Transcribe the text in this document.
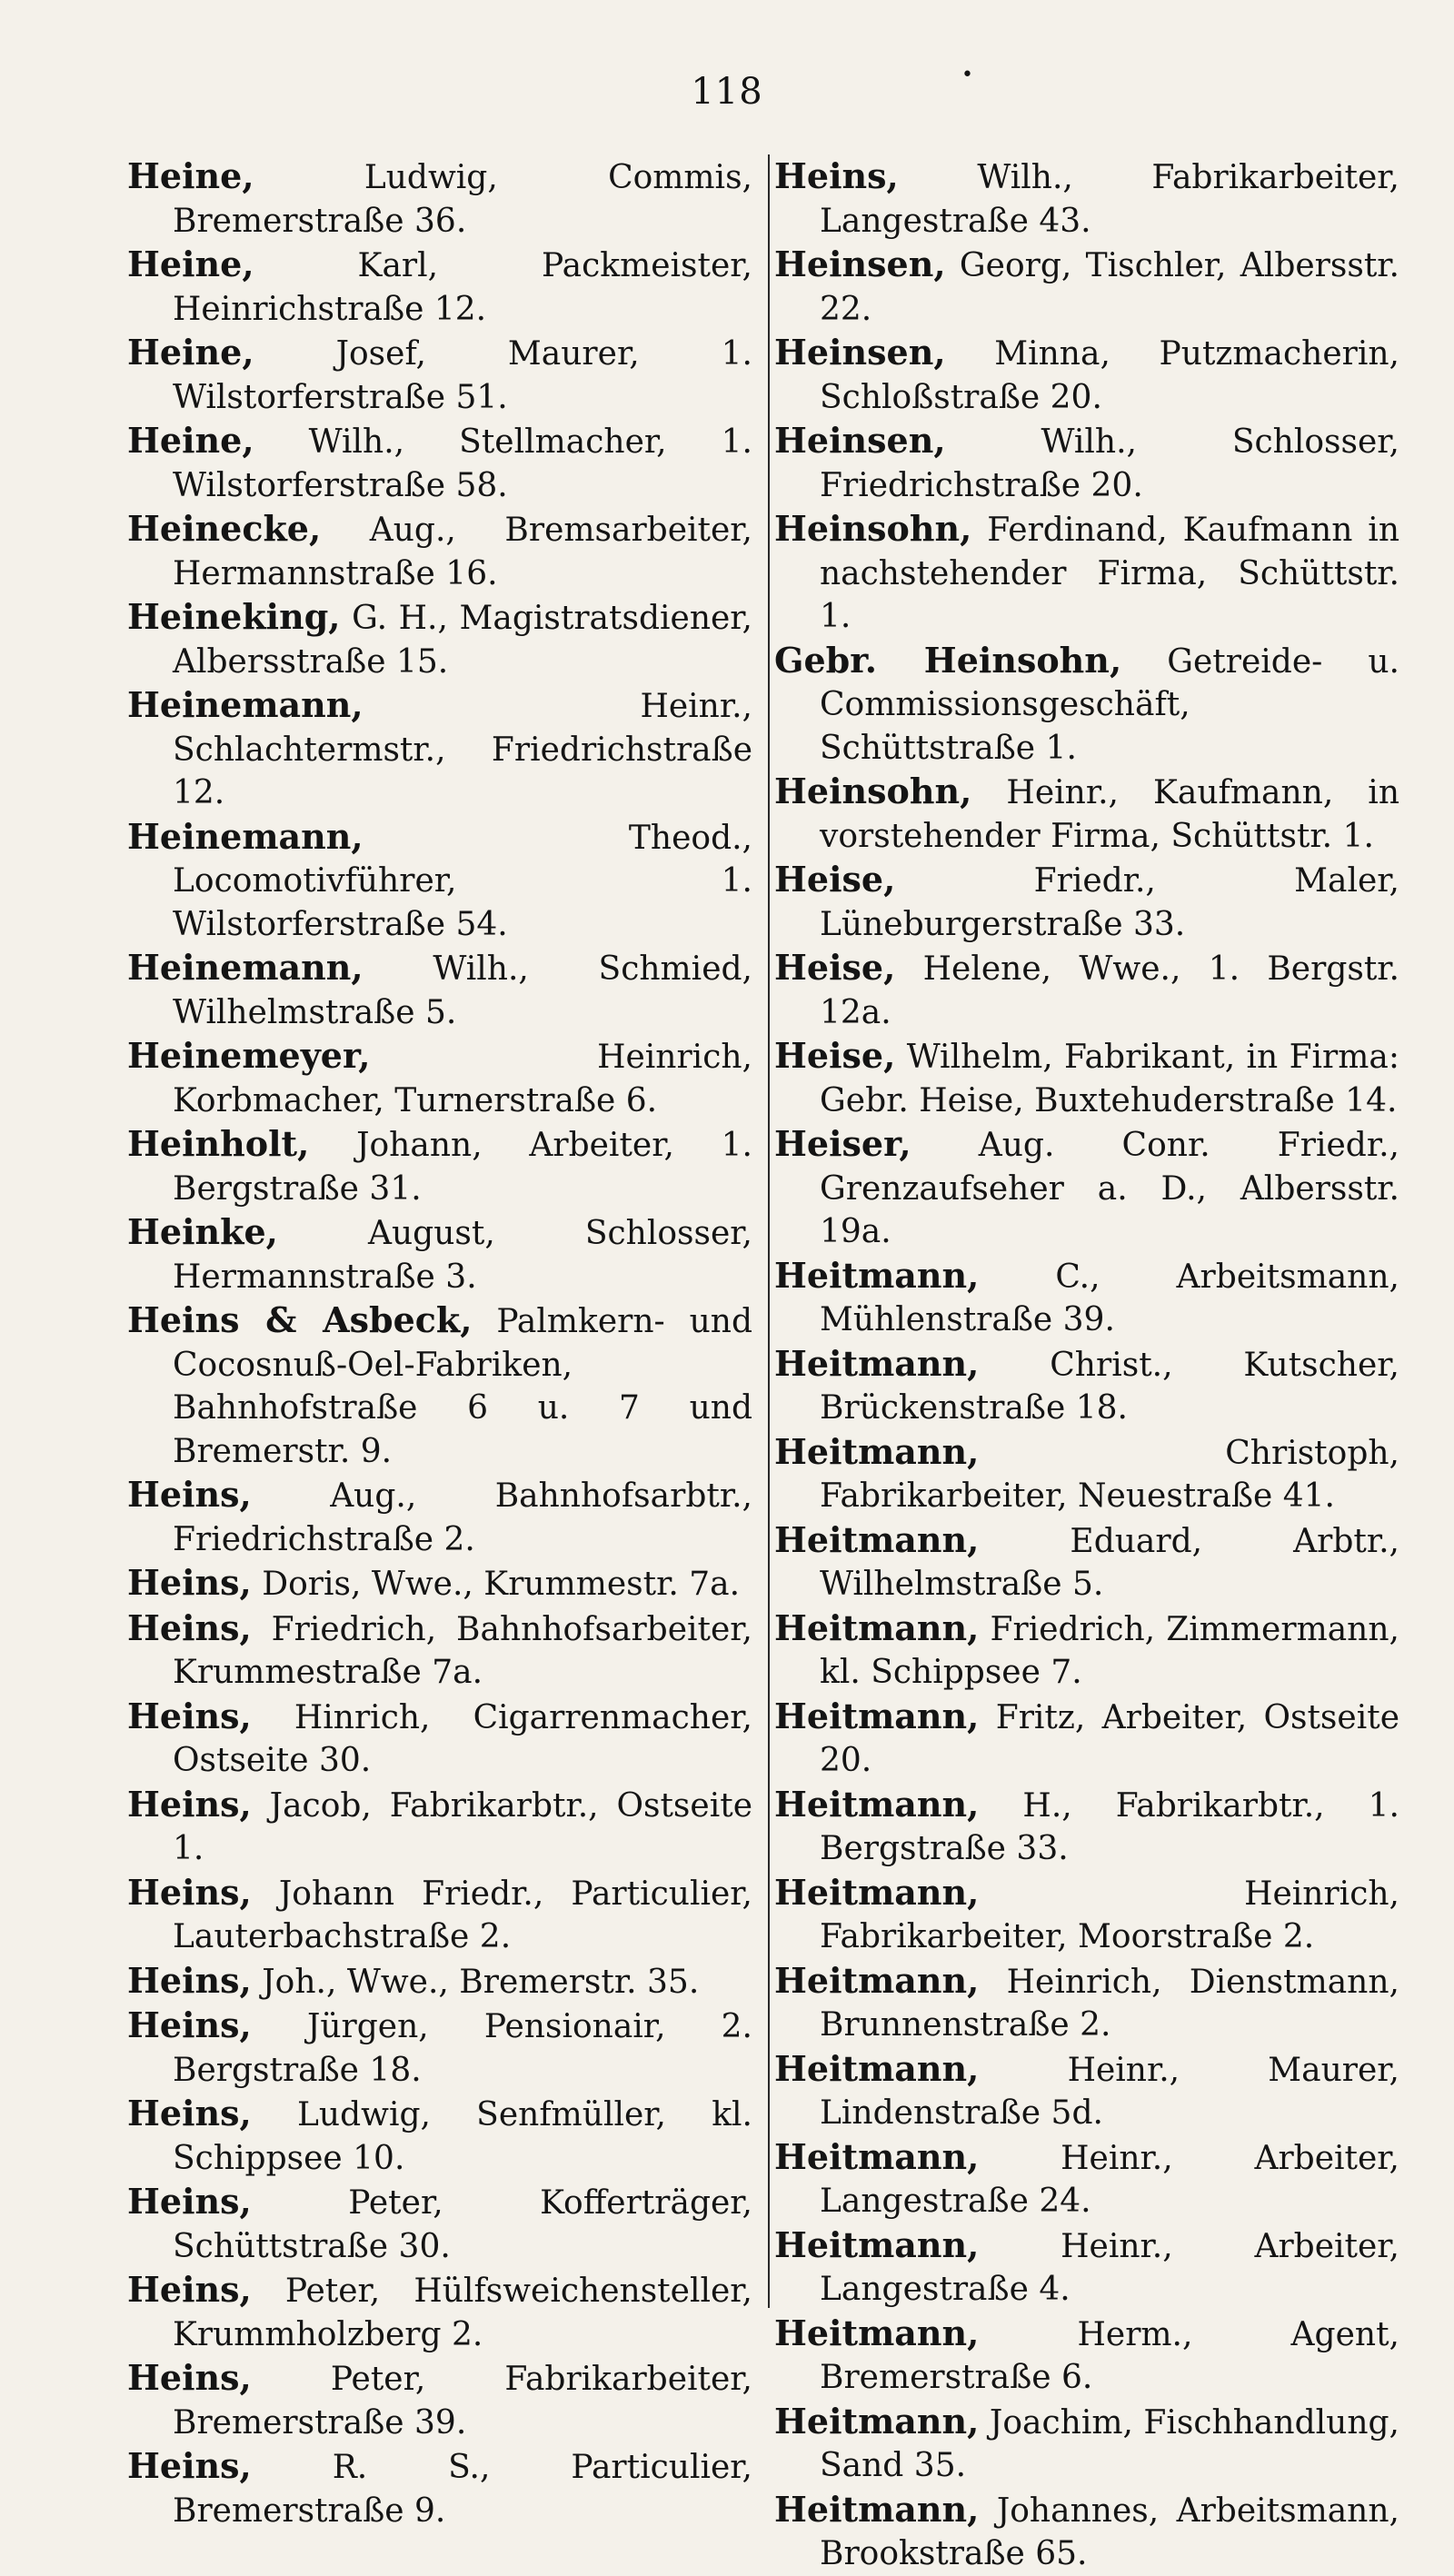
118	•
Heine,	Ludwig, Commis, Bremerstraße 36.
Heine,	Karl, Packmeister, Heinrichstraße 12.
Heine,	Josef, Maurer, 1. Wilstorferstraße 51.
Heine, Wilh., Stellmacher, 1. Wilstorferstraße 58.
Heinecke, Aug., Bremsarbeiter, Hermannstraße 16.
Heineking, G. H., Magistratsdiener, Albersstraße 15.
Heinemann,	Heinr., Schlachtermstr., Friedrichstraße 12.
Heinemann,	Theod., Locomotivführer, 1. Wilstorferstraße 54.
Heinemann, Wilh., Schmied, Wilhelmstraße 5.
Heinemeyer,	Heinrich, Korbmacher, Turnerstraße 6.
Heinholt, Johann, Arbeiter, 1. Bergstraße 31.
Heinke,	August, Schlosser, Hermannstraße 3.
Heins & Asbeck, Palmkern- und Cocosnuß-Oel-Fabriken, Bahnhofstraße 6 u. 7 und Bremerstr. 9.
Heins, Aug., Bahnhofsarbtr., Friedrichstraße 2.
Heins, Doris, Wwe., Krummestr. 7a.
Heins, Friedrich, Bahnhofsarbeiter, Krummestraße 7a.
Heins, Hinrich, Cigarrenmacher, Ostseite 30.
Heins, Jacob, Fabrikarbtr., Ostseite 1.
Heins, Johann Friedr., Particulier, Lauterbachstraße 2.
Heins, Joh., Wwe., Bremerstr. 35.
Heins, Jürgen, Pensionair, 2. Bergstraße 18.
Heins, Ludwig, Senfmüller, kl. Schippsee 10.
Heins,	Peter, Kofferträger, Schüttstraße 30.
Heins, Peter, Hülfsweichensteller, Krummholzberg 2.
Heins, Peter, Fabrikarbeiter, Bremerstraße 39.
Heins, R. S., Particulier, Bremerstraße 9.
Heins, Wilh., Fabrikarbeiter, Langestraße 43.
Heinsen, Georg, Tischler, Albersstr. 22.
Heinsen, Minna, Putzmacherin, Schloßstraße 20.
Heinsen,	Wilh., Schlosser, Friedrichstraße 20.
Heinsohn, Ferdinand, Kaufmann in nachstehender Firma, Schüttstr. 1.
Gebr. Heinsohn, Getreide- u. Commissionsgeschäft, Schüttstraße 1.
Heinsohn, Heinr., Kaufmann, in vorstehender Firma, Schüttstr. 1.
Heise,	Friedr., Maler, Lüneburgerstraße 33.
Heise, Helene, Wwe., 1. Bergstr. 12a.
Heise, Wilhelm, Fabrikant, in Firma: Gebr. Heise, Buxtehuderstraße 14.
Heiser, Aug. Conr. Friedr., Grenzaufseher a. D., Albersstr. 19a.
Heitmann, C., Arbeitsmann, Mühlenstraße 39.
Heitmann, Christ., Kutscher, Brückenstraße 18.
Heitmann,	Christoph, Fabrikarbeiter, Neuestraße 41.
Heitmann,	Eduard, Arbtr., Wilhelmstraße 5.
Heitmann, Friedrich, Zimmermann, kl. Schippsee 7.
Heitmann, Fritz, Arbeiter, Ostseite 20.
Heitmann, H., Fabrikarbtr., 1. Bergstraße 33.
Heitmann,	Heinrich, Fabrikarbeiter, Moorstraße 2.
Heitmann, Heinrich, Dienstmann, Brunnenstraße 2.
Heitmann,	Heinr., Maurer, Lindenstraße 5d.
Heitmann, Heinr., Arbeiter, Langestraße 24.
Heitmann, Heinr., Arbeiter, Langestraße 4.
Heitmann,	Herm., Agent, Bremerstraße 6.
Heitmann, Joachim, Fischhandlung, Sand 35.
Heitmann, Johannes, Arbeitsmann, Brookstraße 65.
